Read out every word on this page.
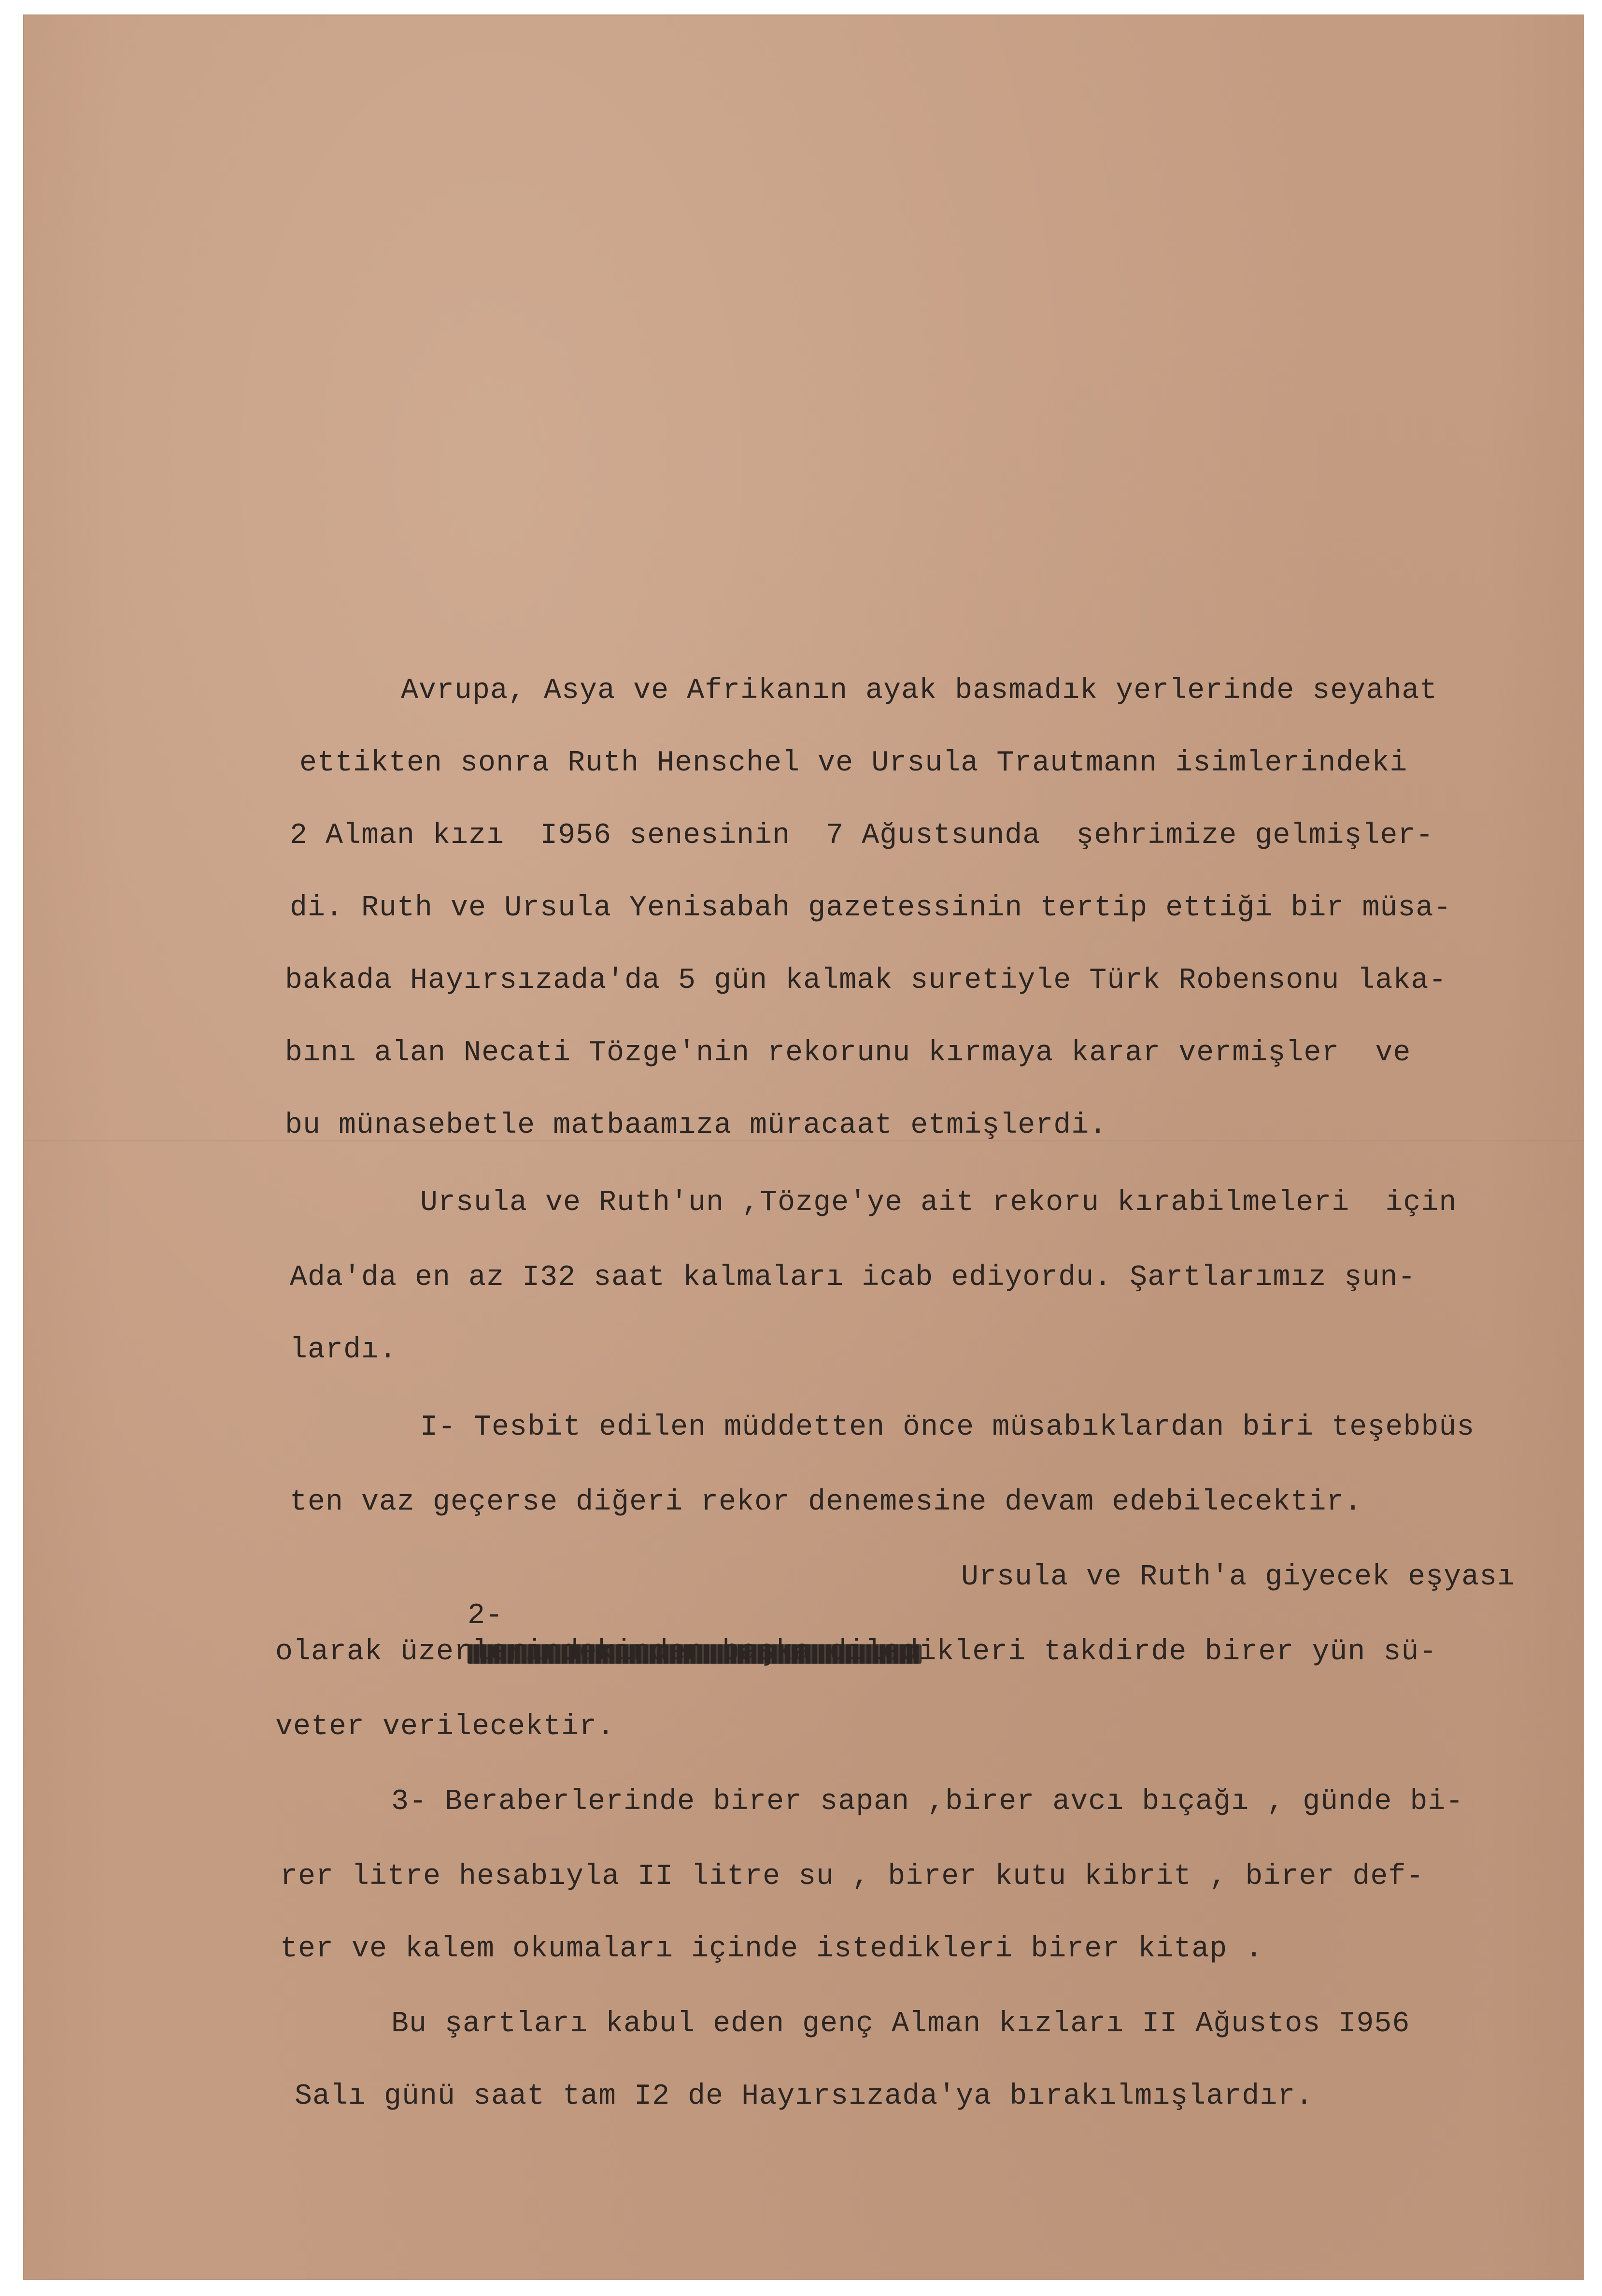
Avrupa, Asya ve Afrikanın ayak basmadık yerlerinde seyahat
ettikten sonra Ruth Henschel ve Ursula Trautmann isimlerindeki
2 Alman kızı  I956 senesinin  7 Ağustsunda  şehrimize gelmişler-
di. Ruth ve Ursula Yenisabah gazetessinin tertip ettiği bir müsa-
bakada Hayırsızada'da 5 gün kalmak suretiyle Türk Robensonu laka-
bını alan Necati Tözge'nin rekorunu kırmaya karar vermişler  ve
bu münasebetle matbaamıza müracaat etmişlerdi.
Ursula ve Ruth'un ,Tözge'ye ait rekoru kırabilmeleri  için
Ada'da en az I32 saat kalmaları icab ediyordu. Şartlarımız şun-
lardı.
I- Tesbit edilen müddetten önce müsabıklardan biri teşebbüs
ten vaz geçerse diğeri rekor denemesine devam edebilecektir.

2-

Ursula ve Ruth'a giyecek eşyası
olarak üzerlerindekinden başka diledikleri takdirde birer yün sü-
veter verilecektir.
3- Beraberlerinde birer sapan ,birer avcı bıçağı , günde bi-
rer litre hesabıyla II litre su , birer kutu kibrit , birer def-
ter ve kalem okumaları içinde istedikleri birer kitap .
Bu şartları kabul eden genç Alman kızları II Ağustos I956
Salı günü saat tam I2 de Hayırsızada'ya bırakılmışlardır.
